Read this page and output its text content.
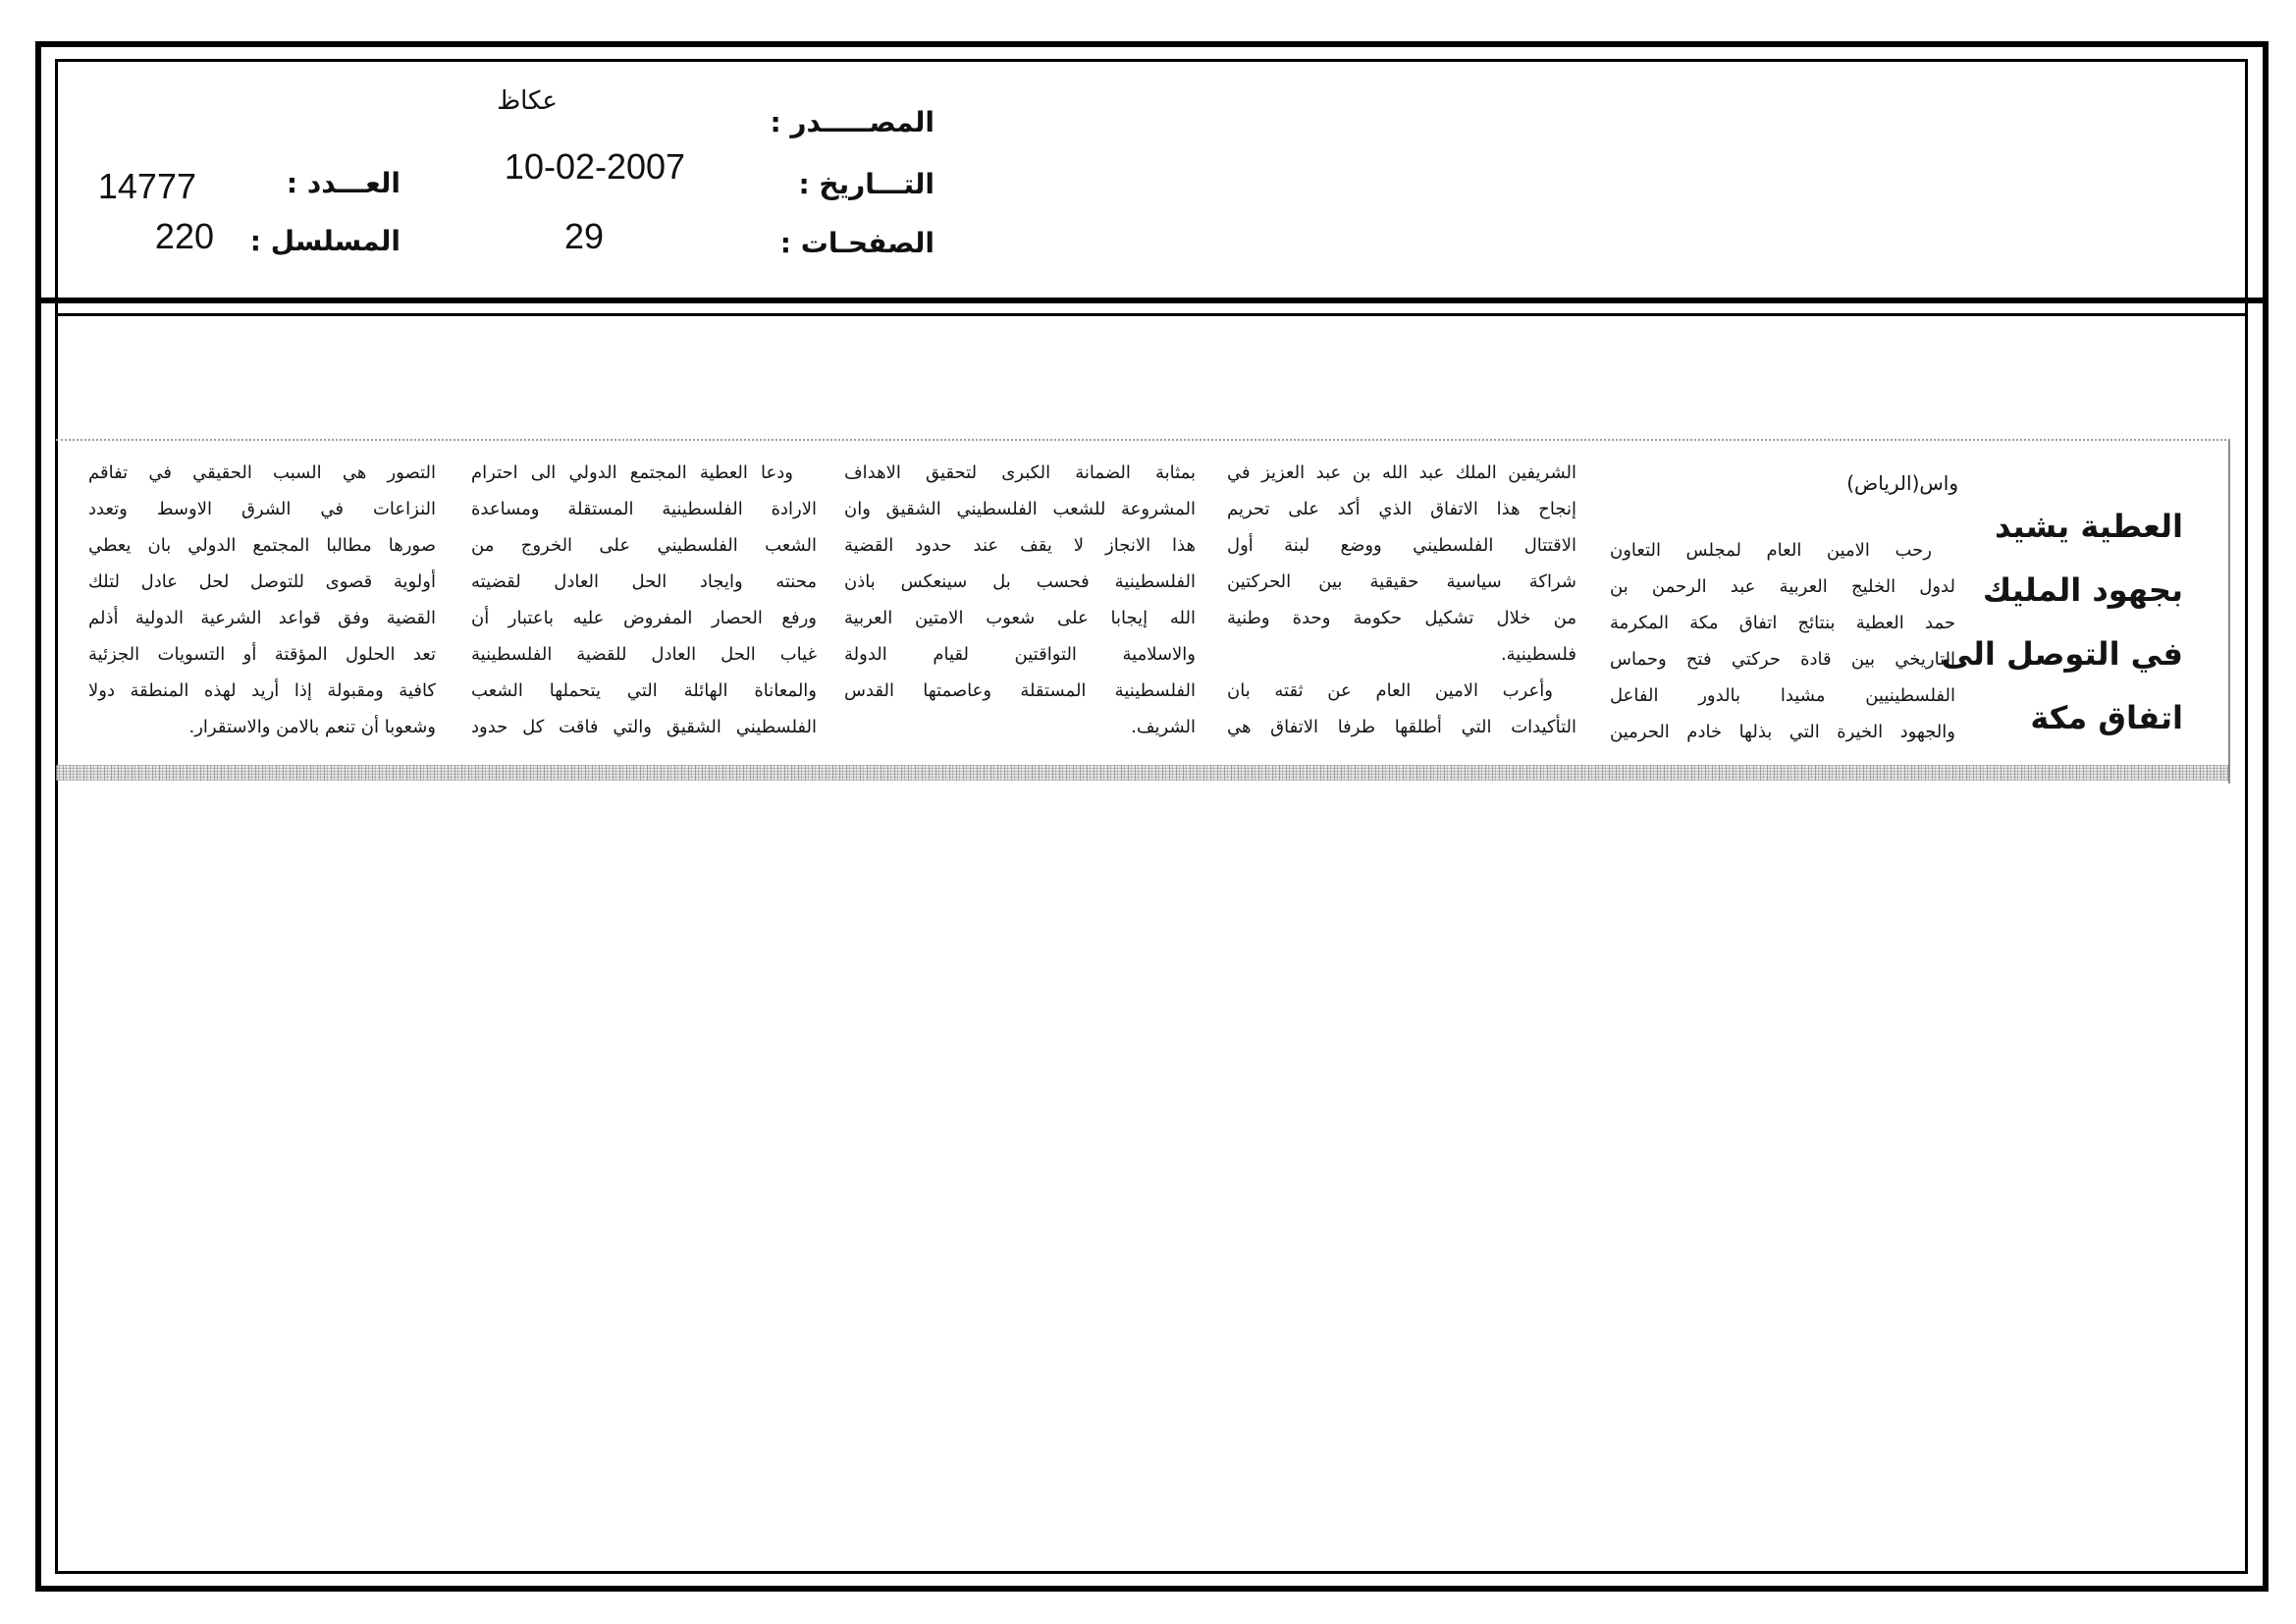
عكاظ
المصـــــدر :
10-02-2007	التـــاريخ :
29	الصفحـات :
14777	العـــدد :
220	المسلسل :
العطية يشيد
بجهود المليك
في التوصل الى
اتفاق مكة
واس(الرياض)
رحب الامين العام لمجلس التعاون
لدول الخليج العربية عبد الرحمن بن
حمد العطية بنتائج اتفاق مكة المكرمة
التاريخي بين قادة حركتي فتح وحماس
الفلسطينيين مشيدا بالدور الفاعل
والجهود الخيرة التي بذلها خادم الحرمين
الشريفين الملك عبد الله بن عبد العزيز في
إنجاح هذا الاتفاق الذي أكد على تحريم
الاقتتال الفلسطيني ووضع لبنة أول
شراكة سياسية حقيقية بين الحركتين
من خلال تشكيل حكومة وحدة وطنية
فلسطينية.
وأعرب الامين العام عن ثقته بان
التأكيدات التي أطلقها طرفا الاتفاق هي
بمثابة الضمانة الكبرى لتحقيق الاهداف
المشروعة للشعب الفلسطيني الشقيق وان
هذا الانجاز لا يقف عند حدود القضية
الفلسطينية فحسب بل سينعكس باذن
الله إيجابا على شعوب الامتين العربية
والاسلامية التواقتين لقيام الدولة
الفلسطينية المستقلة وعاصمتها القدس
الشريف.
ودعا العطية المجتمع الدولي الى احترام
الارادة الفلسطينية المستقلة ومساعدة
الشعب الفلسطيني على الخروج من
محنته وايجاد الحل العادل لقضيته
ورفع الحصار المفروض عليه باعتبار أن
غياب الحل العادل للقضية الفلسطينية
والمعاناة الهائلة التي يتحملها الشعب
الفلسطيني الشقيق والتي فاقت كل حدود
التصور هي السبب الحقيقي في تفاقم
النزاعات في الشرق الاوسط وتعدد
صورها مطالبا المجتمع الدولي بان يعطي
أولوية قصوى للتوصل لحل عادل لتلك
القضية وفق قواعد الشرعية الدولية أذلم
تعد الحلول المؤقتة أو التسويات الجزئية
كافية ومقبولة إذا أريد لهذه المنطقة دولا
وشعوبا أن تنعم بالامن والاستقرار.
